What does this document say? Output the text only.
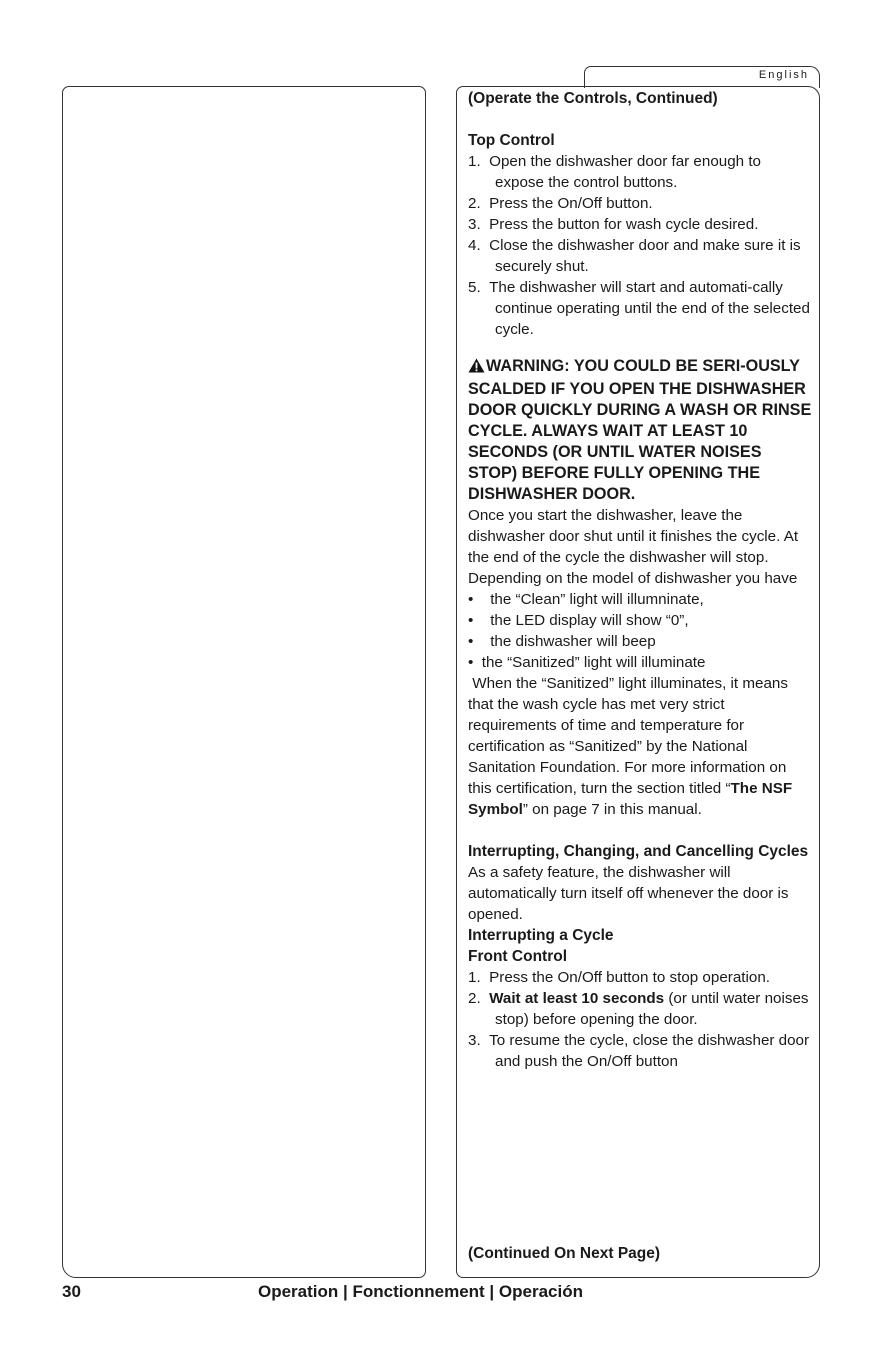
English
(Operate the Controls, Continued)
Top Control
1. Open the dishwasher door far enough to expose the control buttons.
2. Press the On/Off button.
3. Press the button for wash cycle desired.
4. Close the dishwasher door and make sure it is securely shut.
5. The dishwasher will start and automati-cally continue operating until the end of the selected cycle.
WARNING: YOU COULD BE SERI-OUSLY SCALDED IF YOU OPEN THE DISHWASHER DOOR QUICKLY DURING A WASH OR RINSE CYCLE. ALWAYS WAIT AT LEAST 10 SECONDS (OR UNTIL WATER NOISES STOP) BEFORE FULLY OPENING THE DISHWASHER DOOR.
Once you start the dishwasher, leave the dishwasher door shut until it finishes the cycle. At the end of the cycle the dishwasher will stop. Depending on the model of dishwasher you have
•    the “Clean” light will illumninate,
•    the LED display will show “0”,
•    the dishwasher will beep
•  the “Sanitized” light will illuminate
When the “Sanitized” light illuminates, it means that the wash cycle has met very strict requirements of time and temperature for certification as “Sanitized” by the National Sanitation Foundation. For more information on this certification, turn the section titled “The NSF Symbol” on page 7 in this manual.
Interrupting, Changing, and Cancelling Cycles
As a safety feature, the dishwasher will automatically turn itself off whenever the door is opened.
Interrupting a Cycle
Front Control
1. Press the On/Off button to stop operation.
2. Wait at least 10 seconds (or until water noises stop) before opening the door.
3. To resume the cycle, close the dishwasher door and push the On/Off button
(Continued On Next Page)
30	Operation | Fonctionnement | Operación
